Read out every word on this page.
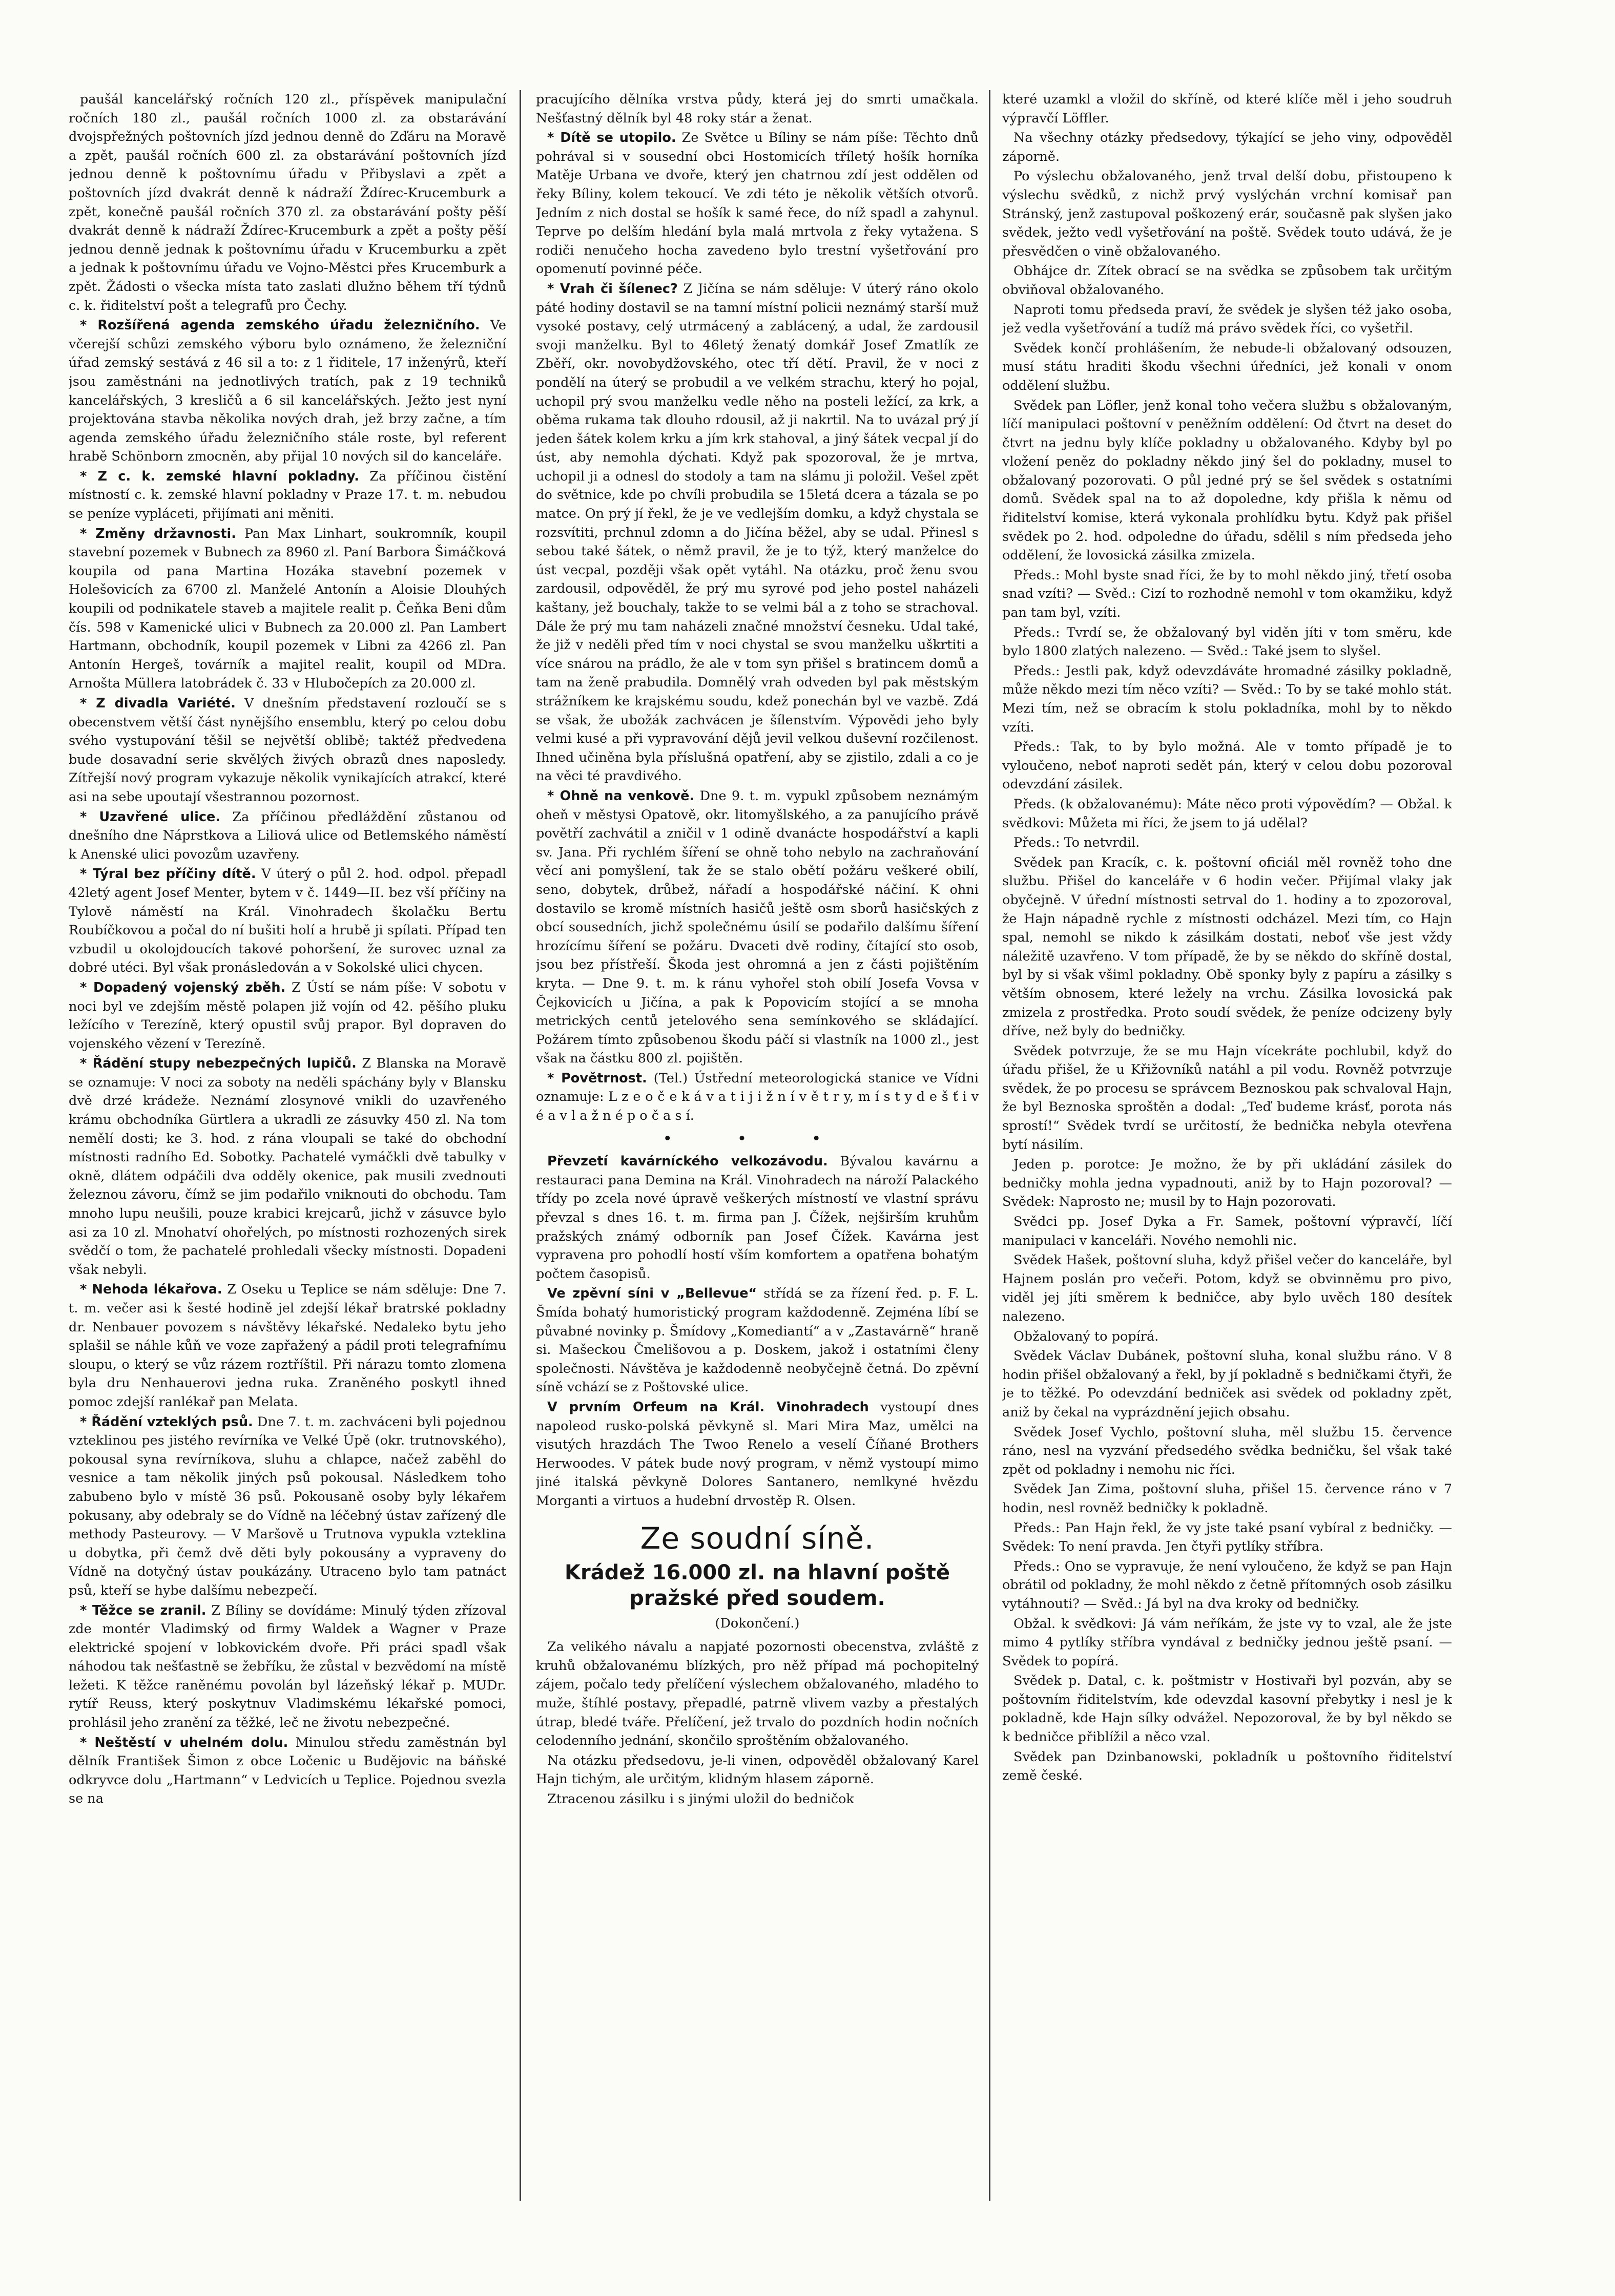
paušál kancelářský ročních 120 zl., příspěvek manipulační ročních 180 zl., paušál ročních 1000 zl. za obstarávání dvojspřežných poštovních jízd jednou denně do Zďáru na Moravě a zpět, paušál ročních 600 zl. za obstarávání poštovních jízd jednou denně k poštovnímu úřadu v Přibyslavi a zpět a poštovních jízd dvakrát denně k nádraží Ždírec-Krucemburk a zpět, konečně paušál ročních 370 zl. za obstarávání pošty pěší dvakrát denně k nádraží Ždírec-Krucemburk a zpět a pošty pěší jednou denně jednak k poštovnímu úřadu v Krucemburku a zpět a jednak k poštovnímu úřadu ve Vojno-Městci přes Krucemburk a zpět. Žádosti o všecka místa tato zaslati dlužno během tří týdnů c. k. řiditelství pošt a telegrafů pro Čechy.

* Rozšířená agenda zemského úřadu železničního. Ve včerejší schůzi zemského výboru bylo oznámeno, že železniční úřad zemský sestává z 46 sil a to: z 1 řiditele, 17 inženýrů, kteří jsou zaměstnáni na jednotlivých tratích, pak z 19 techniků kancelářských, 3 kresličů a 6 sil kancelářských. Ježto jest nyní projektována stavba několika nových drah, jež brzy začne, a tím agenda zemského úřadu železničního stále roste, byl referent hrabě Schönborn zmocněn, aby přijal 10 nových sil do kanceláře.

* Z c. k. zemské hlavní pokladny. Za příčinou čistění místností c. k. zemské hlavní pokladny v Praze 17. t. m. nebudou se peníze vypláceti, přijímati ani měniti.

* Změny državnosti. Pan Max Linhart, soukromník, koupil stavební pozemek v Bubnech za 8960 zl. Paní Barbora Šimáčková koupila od pana Martina Hozáka stavební pozemek v Holešovicích za 6700 zl. Manželé Antonín a Aloisie Dlouhých koupili od podnikatele staveb a majitele realit p. Čeňka Beni dům čís. 598 v Kamenické ulici v Bubnech za 20.000 zl. Pan Lambert Hartmann, obchodník, koupil pozemek v Libni za 4266 zl. Pan Antonín Hergeš, továrník a majitel realit, koupil od MDra. Arnošta Müllera latobrádek č. 33 v Hlubočepích za 20.000 zl.

* Z divadla Variété. V dnešním představení rozloučí se s obecenstvem větší část nynějšího ensemblu, který po celou dobu svého vystupování těšil se největší oblibě; taktéž předvedena bude dosavadní serie skvělých živých obrazů dnes naposledy. Zítřejší nový program vykazuje několik vynikajících atrakcí, které asi na sebe upoutají všestrannou pozornost.

* Uzavřené ulice. Za příčinou předláždění zůstanou od dnešního dne Náprstkova a Liliová ulice od Betlemského náměstí k Anenské ulici povozům uzavřeny.

* Týral bez příčiny dítě. V úterý o půl 2. hod. odpol. přepadl 42letý agent Josef Menter, bytem v č. 1449—II. bez vší příčiny na Tylově náměstí na Král. Vinohradech školačku Bertu Roubíčkovou a počal do ní bušiti holí a hrubě ji spílati. Případ ten vzbudil u okolojdoucích takové pohoršení, že surovec uznal za dobré utéci. Byl však pronásledován a v Sokolské ulici chycen.

* Dopadený vojenský zběh. Z Ústí se nám píše: V sobotu v noci byl ve zdejším městě polapen již vojín od 42. pěšího pluku ležícího v Terezíně, který opustil svůj prapor. Byl dopraven do vojenského vězení v Terezíně.

* Řádění stupy nebezpečných lupičů. Z Blanska na Moravě se oznamuje: V noci za soboty na neděli spáchány byly v Blansku dvě drzé krádeže. Neznámí zlosynové vnikli do uzavřeného krámu obchodníka Gürtlera a ukradli ze zásuvky 450 zl. Na tom nemělí dosti; ke 3. hod. z rána vloupali se také do obchodní místnosti radního Ed. Sobotky. Pachatelé vymáčkli dvě tabulky v okně, dlátem odpáčili dva odděly okenice, pak musili zvednouti železnou závoru, čímž se jim podařilo vniknouti do obchodu. Tam mnoho lupu neušili, pouze krabici krejcarů, jichž v zásuvce bylo asi za 10 zl. Mnohatví ohořelých, po místnosti rozhozených sirek svědčí o tom, že pachatelé prohledali všecky místnosti. Dopadeni však nebyli.

* Nehoda lékařova. Z Oseku u Teplice se nám sděluje: Dne 7. t. m. večer asi k šesté hodině jel zdejší lékař bratrské pokladny dr. Nenbauer povozem s návštěvy lékařské. Nedaleko bytu jeho splašil se náhle kůň ve voze zapřažený a pádil proti telegrafnímu sloupu, o který se vůz rázem roztříštil. Při nárazu tomto zlomena byla dru Nenhauerovi jedna ruka. Zraněného poskytl ihned pomoc zdejší ranlékař pan Melata.

* Řádění vzteklých psů. Dne 7. t. m. zachváceni byli pojednou vzteklinou pes jistého revírníka ve Velké Úpě (okr. trutnovského), pokousal syna revírníkova, sluhu a chlapce, načež zaběhl do vesnice a tam několik jiných psů pokousal. Následkem toho zabubeno bylo v místě 36 psů. Pokousaně osoby byly lékařem pokusany, aby odebraly se do Vídně na léčebný ústav zařízený dle methody Pasteurovy. — V Maršově u Trutnova vypukla vzteklina u dobytka, při čemž dvě děti byly pokousány a vypraveny do Vídně na dotyčný ústav poukázány. Utraceno bylo tam patnáct psů, kteří se hybe dalšímu nebezpečí.

* Těžce se zranil. Z Bíliny se dovídáme: Minulý týden zřízoval zde montér Vladimský od firmy Waldek a Wagner v Praze elektrické spojení v lobkovickém dvoře. Při práci spadl však náhodou tak nešťastně se žebříku, že zůstal v bezvědomí na místě ležeti. K těžce raněnému povolán byl lázeňský lékař p. MUDr. rytíř Reuss, který poskytnuv Vladimskému lékařské pomoci, prohlásil jeho zranění za těžké, leč ne životu nebezpečné.

* Neštěstí v uhelném dolu. Minulou středu zaměstnán byl dělník František Šimon z obce Ločenic u Budějovic na báňské odkryvce dolu „Hartmann“ v Ledvicích u Teplice. Pojednou svezla se na

pracujícího dělníka vrstva půdy, která jej do smrti umačkala. Nešťastný dělník byl 48 roky stár a ženat.

* Dítě se utopilo. Ze Světce u Bíliny se nám píše: Těchto dnů pohrával si v sousední obci Hostomicích tříletý hošík horníka Matěje Urbana ve dvoře, který jen chatrnou zdí jest oddělen od řeky Bíliny, kolem tekoucí. Ve zdi této je několik větších otvorů. Jedním z nich dostal se hošík k samé řece, do níž spadl a zahynul. Teprve po delším hledání byla malá mrtvola z řeky vytažena. S rodiči nenučeho hocha zavedeno bylo trestní vyšetřování pro opomenutí povinné péče.

* Vrah či šílenec? Z Jičína se nám sděluje: V úterý ráno okolo páté hodiny dostavil se na tamní místní policii neznámý starší muž vysoké postavy, celý utrmácený a zablácený, a udal, že zardousil svoji manželku. Byl to 46letý ženatý domkář Josef Zmatlík ze Zběří, okr. novobydžovského, otec tří dětí. Pravil, že v noci z pondělí na úterý se probudil a ve velkém strachu, který ho pojal, uchopil prý svou manželku vedle něho na posteli ležící, za krk, a oběma rukama tak dlouho rdousil, až ji nakrtil. Na to uvázal prý jí jeden šátek kolem krku a jím krk stahoval, a jiný šátek vecpal jí do úst, aby nemohla dýchati. Když pak spozoroval, že je mrtva, uchopil ji a odnesl do stodoly a tam na slámu ji položil. Vešel zpět do světnice, kde po chvíli probudila se 15letá dcera a tázala se po matce. On prý jí řekl, že je ve vedlejším domku, a když chystala se rozsvítiti, prchnul zdomn a do Jičína běžel, aby se udal. Přinesl s sebou také šátek, o němž pravil, že je to týž, který manželce do úst vecpal, později však opět vytáhl. Na otázku, proč ženu svou zardousil, odpověděl, že prý mu syrové pod jeho postel naházeli kaštany, jež bouchaly, takže to se velmi bál a z toho se strachoval. Dále že prý mu tam naházeli značné množství česneku. Udal také, že již v neděli před tím v noci chystal se svou manželku uškrtiti a více snárou na prádlo, že ale v tom syn přišel s bratincem domů a tam na ženě prabudila. Domnělý vrah odveden byl pak městským strážníkem ke krajskému soudu, kdež ponechán byl ve vazbě. Zdá se však, že ubožák zachvácen je šílenstvím. Výpovědi jeho byly velmi kusé a při vypravování dějů jevil velkou duševní rozčilenost. Ihned učiněna byla příslušná opatření, aby se zjistilo, zdali a co je na věci té pravdivého.

* Ohně na venkově. Dne 9. t. m. vypukl způsobem neznámým oheň v městysi Opatově, okr. litomyšlského, a za panujícího právě povětří zachvátil a zničil v 1 odině dvanácte hospodářství a kapli sv. Jana. Při rychlém šíření se ohně toho nebylo na zachraňování věcí ani pomyšlení, tak že se stalo obětí požáru veškeré obilí, seno, dobytek, drůbež, nářadí a hospodářské náčiní. K ohni dostavilo se kromě místních hasičů ještě osm sborů hasičských z obcí sousedních, jichž společnému úsilí se podařilo dalšímu šíření hrozícímu šíření se požáru. Dvaceti dvě rodiny, čítající sto osob, jsou bez přístřeší. Škoda jest ohromná a jen z části pojištěním kryta. — Dne 9. t. m. k ránu vyhořel stoh obilí Josefa Vovsa v Čejkovicích u Jičína, a pak k Popovicím stojící a se mnoha metrických centů jetelového sena semínkového se skládající. Požárem tímto způsobenou škodu páčí si vlastník na 1000 zl., jest však na částku 800 zl. pojištěn.

* Povětrnost. (Tel.) Ústřední meteorologická stanice ve Vídni oznamuje: L z e o č e k á v a t i j i ž n í v ě t r y, m í s t y d e š ť i v é a v l a ž n é p o č a s í.

• • •

Převzetí kavárníckého velkozávodu. Bývalou kavárnu a restauraci pana Demina na Král. Vinohradech na nároží Palackého třídy po zcela nové úpravě veškerých místností ve vlastní správu převzal s dnes 16. t. m. firma pan J. Čížek, nejširším kruhům pražských známý odborník pan Josef Čížek. Kavárna jest vypravena pro pohodlí hostí vším komfortem a opatřena bohatým počtem časopisů.

Ve zpěvní síni v „Bellevue“ střídá se za řízení řed. p. F. L. Šmída bohatý humoristický program každodenně. Zejména líbí se půvabné novinky p. Šmídovy „Komediantí“ a v „Zastavárně“ hraně si. Mašeckou Čmelišovou a p. Doskem, jakož i ostatními členy společnosti. Návštěva je každodenně neobyčejně četná. Do zpěvní síně vchází se z Poštovské ulice.

V prvním Orfeum na Král. Vinohradech vystoupí dnes napoleod rusko-polská pěvkyně sl. Mari Mira Maz, umělci na visutých hrazdách The Twoo Renelo a veselí Číňané Brothers Herwoodes. V pátek bude nový program, v němž vystoupí mimo jiné italská pěvkyně Dolores Santanero, nemlkyné hvězdu Morganti a virtuos a hudební drvostěp R. Olsen.

Ze soudní síně.
Krádež 16.000 zl. na hlavní poště pražské před soudem.
(Dokončení.)

Za velikého návalu a napjaté pozornosti obecenstva, zvláště z kruhů obžalovanému blízkých, pro něž případ má pochopitelný zájem, počalo tedy přelíčení výslechem obžalovaného, mladého to muže, štíhlé postavy, přepadlé, patrně vlivem vazby a přestalých útrap, bledé tváře. Přelíčení, jež trvalo do pozdních hodin nočních celodenního jednání, skončilo sproštěním obžalovaného.

Na otázku předsedovu, je-li vinen, odpověděl obžalovaný Karel Hajn tichým, ale určitým, klidným hlasem záporně.

Ztracenou zásilku i s jinými uložil do bedničok

které uzamkl a vložil do skříně, od které klíče měl i jeho soudruh výpravčí Löffler.

Na všechny otázky předsedovy, týkající se jeho viny, odpověděl záporně.

Po výslechu obžalovaného, jenž trval delší dobu, přistoupeno k výslechu svědků, z nichž prvý vyslýchán vrchní komisař pan Stránský, jenž zastupoval poškozený erár, současně pak slyšen jako svědek, ježto vedl vyšetřování na poště. Svědek touto udává, že je přesvědčen o vině obžalovaného.

Obhájce dr. Zítek obrací se na svědka se způsobem tak určitým obviňoval obžalovaného.

Naproti tomu předseda praví, že svědek je slyšen též jako osoba, jež vedla vyšetřování a tudíž má právo svědek říci, co vyšetřil.

Svědek končí prohlášením, že nebude-li obžalovaný odsouzen, musí státu hraditi škodu všechni úředníci, jež konali v onom oddělení službu.

Svědek pan Löfler, jenž konal toho večera službu s obžalovaným, líčí manipulaci poštovní v peněžním oddělení: Od čtvrt na deset do čtvrt na jednu byly klíče pokladny u obžalovaného. Kdyby byl po vložení peněz do pokladny někdo jiný šel do pokladny, musel to obžalovaný pozorovati. O půl jedné prý se šel svědek s ostatními domů. Svědek spal na to až dopoledne, kdy přišla k němu od řiditelství komise, která vykonala prohlídku bytu. Když pak přišel svědek po 2. hod. odpoledne do úřadu, sdělil s ním předseda jeho oddělení, že lovosická zásilka zmizela.

Předs.: Mohl byste snad říci, že by to mohl někdo jiný, třetí osoba snad vzíti? — Svěd.: Cizí to rozhodně nemohl v tom okamžiku, když pan tam byl, vzíti.

Předs.: Tvrdí se, že obžalovaný byl viděn jíti v tom směru, kde bylo 1800 zlatých nalezeno. — Svěd.: Také jsem to slyšel.

Předs.: Jestli pak, když odevzdáváte hromadné zásilky pokladně, může někdo mezi tím něco vzíti? — Svěd.: To by se také mohlo stát. Mezi tím, než se obracím k stolu pokladníka, mohl by to někdo vzíti.

Předs.: Tak, to by bylo možná. Ale v tomto případě je to vyloučeno, neboť naproti sedět pán, který v celou dobu pozoroval odevzdání zásilek.

Předs. (k obžalovanému): Máte něco proti výpovědím? — Obžal. k svědkovi: Můžeta mi říci, že jsem to já udělal?

Předs.: To netvrdil.

Svědek pan Kracík, c. k. poštovní oficiál měl rovněž toho dne službu. Přišel do kanceláře v 6 hodin večer. Přijímal vlaky jak obyčejně. V úřední místnosti setrval do 1. hodiny a to zpozoroval, že Hajn nápadně rychle z místnosti odcházel. Mezi tím, co Hajn spal, nemohl se nikdo k zásilkám dostati, neboť vše jest vždy náležitě uzavřeno. V tom případě, že by se někdo do skříně dostal, byl by si však všiml pokladny. Obě sponky byly z papíru a zásilky s větším obnosem, které ležely na vrchu. Zásilka lovosická pak zmizela z prostředka. Proto soudí svědek, že peníze odcizeny byly dříve, než byly do bedničky.

Svědek potvrzuje, že se mu Hajn vícekráte pochlubil, když do úřadu přišel, že u Křižovníků natáhl a pil vodu. Rovněž potvrzuje svědek, že po procesu se správcem Beznoskou pak schvaloval Hajn, že byl Beznoska sproštěn a dodal: „Teď budeme krásť, porota nás sprostí!“ Svědek tvrdí se určitostí, že bednička nebyla otevřena bytí násilím.

Jeden p. porotce: Je možno, že by při ukládání zásilek do bedničky mohla jedna vypadnouti, aniž by to Hajn pozoroval? — Svědek: Naprosto ne; musil by to Hajn pozorovati.

Svědci pp. Josef Dyka a Fr. Samek, poštovní výpravčí, líčí manipulaci v kanceláři. Nového nemohli nic.

Svědek Hašek, poštovní sluha, když přišel večer do kanceláře, byl Hajnem poslán pro večeři. Potom, když se obvinněmu pro pivo, viděl jej jíti směrem k bedničce, aby bylo uvěch 180 desítek nalezeno.

Obžalovaný to popírá.

Svědek Václav Dubánek, poštovní sluha, konal službu ráno. V 8 hodin přišel obžalovaný a řekl, by jí pokladně s bedničkami čtyři, že je to těžké. Po odevzdání bedniček asi svědek od pokladny zpět, aniž by čekal na vyprázdnění jejich obsahu.

Svědek Josef Vychlo, poštovní sluha, měl službu 15. července ráno, nesl na vyzvání předsedého svědka bedničku, šel však také zpět od pokladny i nemohu nic říci.

Svědek Jan Zima, poštovní sluha, přišel 15. července ráno v 7 hodin, nesl rovněž bedničky k pokladně.

Předs.: Pan Hajn řekl, že vy jste také psaní vybíral z bedničky. — Svědek: To není pravda. Jen čtyři pytlíky stříbra.

Předs.: Ono se vypravuje, že není vyloučeno, že když se pan Hajn obrátil od pokladny, že mohl někdo z četně přítomných osob zásilku vytáhnouti? — Svěd.: Já byl na dva kroky od bedničky.

Obžal. k svědkovi: Já vám neříkám, že jste vy to vzal, ale že jste mimo 4 pytlíky stříbra vyndával z bedničky jednou ještě psaní. — Svědek to popírá.

Svědek p. Datal, c. k. poštmistr v Hostivaři byl pozván, aby se poštovním řiditelstvím, kde odevzdal kasovní přebytky i nesl je k pokladně, kde Hajn sílky odvážel. Nepozoroval, že by byl někdo se k bedničce přiblížil a něco vzal.

Svědek pan Dzinbanowski, pokladník u poštovního řiditelství země české.
